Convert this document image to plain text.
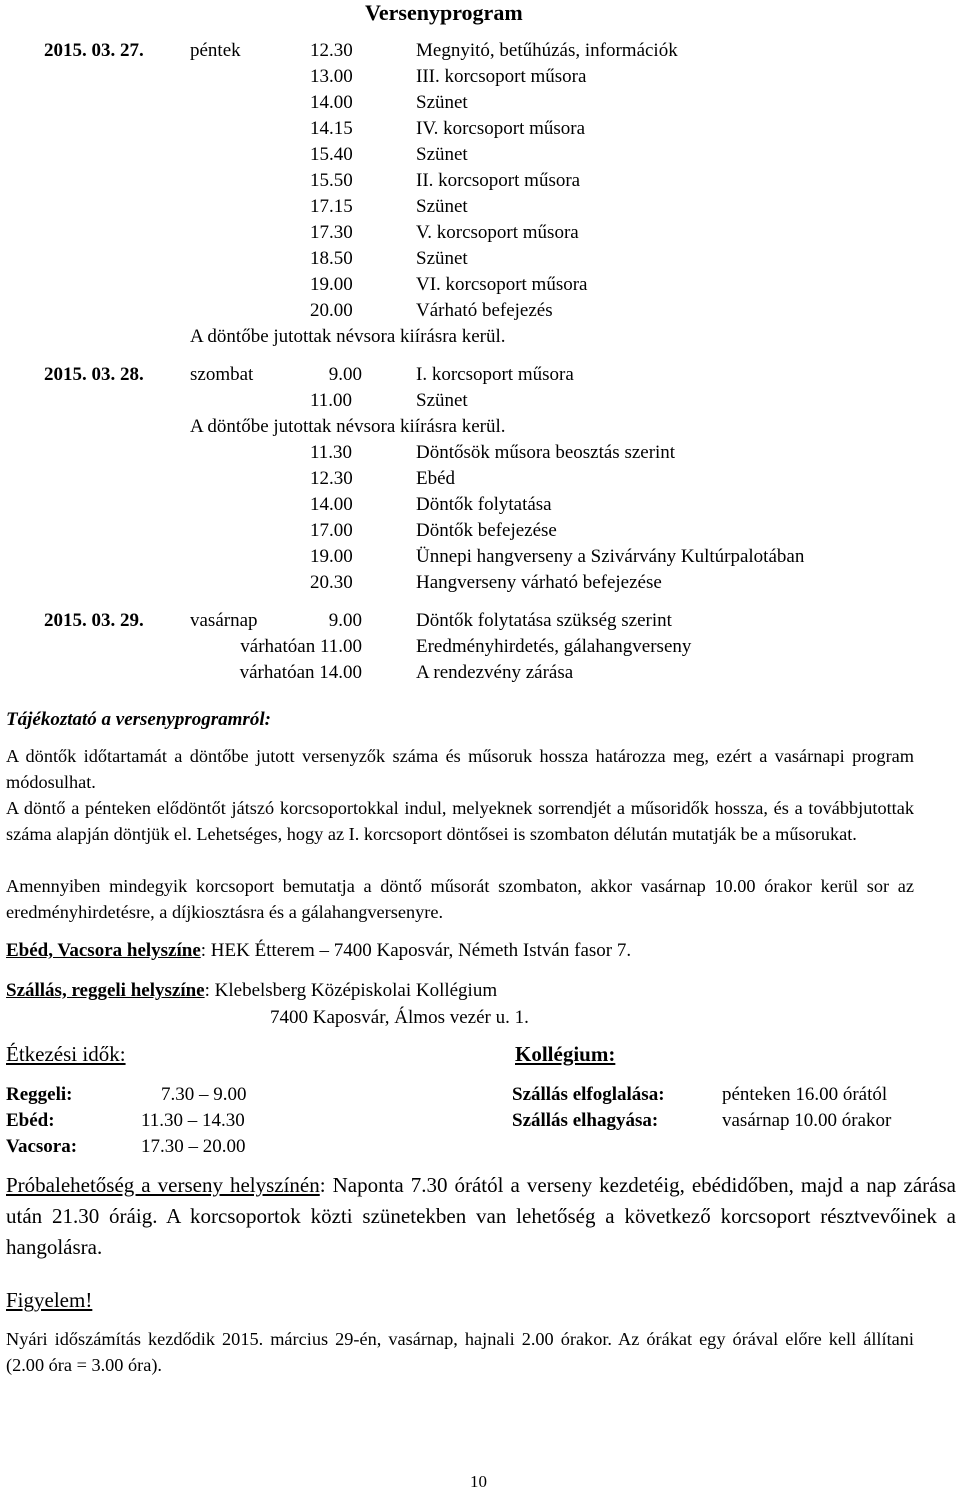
Versenyprogram
2015. 03. 27. péntek	12.30	Megnyitó, betűhúzás, információk
13.00	III. korcsoport műsora
14.00	Szünet
14.15	IV. korcsoport műsora
15.40	Szünet
15.50	II. korcsoport műsora
17.15	Szünet
17.30	V. korcsoport műsora
18.50	Szünet
19.00	VI. korcsoport műsora
20.00	Várható befejezés
A döntőbe jutottak névsora kiírásra kerül.
2015. 03. 28. szombat	9.00	I. korcsoport műsora
11.00	Szünet
A döntőbe jutottak névsora kiírásra kerül.
11.30	Döntősök műsora beosztás szerint
12.30	Ebéd
14.00	Döntők folytatása
17.00	Döntők befejezése
19.00	Ünnepi hangverseny a Szivárvány Kultúrpalotában
20.30	Hangverseny várható befejezése
2015. 03. 29. vasárnap	9.00	Döntők folytatása szükség szerint
várhatóan 11.00	Eredményhirdetés, gálahangverseny
várhatóan 14.00	A rendezvény zárása
Tájékoztató a versenyprogramról:
A döntők időtartamát a döntőbe jutott versenyzők száma és műsoruk hossza határozza meg, ezért a vasárnapi program módosulhat.
A döntő a pénteken elődöntőt játszó korcsoportokkal indul, melyeknek sorrendjét a műsoridők hossza, és a továbbjutottak száma alapján döntjük el. Lehetséges, hogy az I. korcsoport döntősei is szombaton délután mutatják be a műsorukat.
Amennyiben mindegyik korcsoport bemutatja a döntő műsorát szombaton, akkor vasárnap 10.00 órakor kerül sor az eredményhirdetésre, a díjkiosztásra és a gálahangversenyre.
Ebéd, Vacsora helyszíne: HEK Étterem – 7400 Kaposvár, Németh István fasor 7.
Szállás, reggeli helyszíne: Klebelsberg Középiskolai Kollégium
7400 Kaposvár, Álmos vezér u. 1.
Étkezési idők:
Reggeli:	7.30 – 9.00
Ebéd:	11.30 – 14.30
Vacsora:	17.30 – 20.00
Kollégium:
Szállás elfoglalása:	pénteken 16.00 órától
Szállás elhagyása:	vasárnap 10.00 órakor
Próbalehetőség a verseny helyszínén: Naponta 7.30 órától a verseny kezdetéig, ebédidőben, majd a nap zárása után 21.30 óráig. A korcsoportok közti szünetekben van lehetőség a következő korcsoport résztvevőinek a hangolásra.
Figyelem!
Nyári időszámítás kezdődik 2015. március 29-én, vasárnap, hajnali 2.00 órakor. Az órákat egy órával előre kell állítani (2.00 óra = 3.00 óra).
10
